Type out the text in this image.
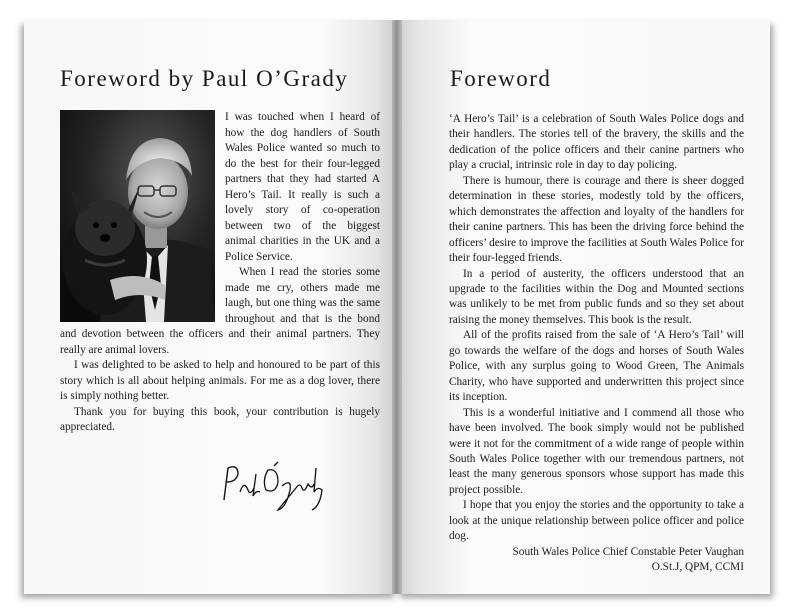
Foreword by Paul O’Grady

I was touched when I heard of how the dog handlers of South Wales Police wanted so much to do the best for their four-legged partners that they had started A Hero’s Tail. It really is such a lovely story of co-operation between two of the biggest animal charities in the UK and a Police Service.

When I read the stories some made me cry, others made me laugh, but one thing was the same throughout and that is the bond and devotion between the officers and their animal partners. They really are animal lovers.

I was delighted to be asked to help and honoured to be part of this story which is all about helping animals. For me as a dog lover, there is simply nothing better.

Thank you for buying this book, your contribution is hugely appreciated.

Foreword

‘A Hero’s Tail’ is a celebration of South Wales Police dogs and their handlers. The stories tell of the bravery, the skills and the dedication of the police officers and their canine partners who play a crucial, intrinsic role in day to day policing.

There is humour, there is courage and there is sheer dogged determination in these stories, modestly told by the officers, which demonstrates the affection and loyalty of the handlers for their canine partners. This has been the driving force behind the officers’ desire to improve the facilities at South Wales Police for their four-legged friends.

In a period of austerity, the officers understood that an upgrade to the facilities within the Dog and Mounted sections was unlikely to be met from public funds and so they set about raising the money themselves. This book is the result.

All of the profits raised from the sale of ‘A Hero’s Tail’ will go towards the welfare of the dogs and horses of South Wales Police, with any surplus going to Wood Green, The Animals Charity, who have supported and underwritten this project since its inception.

This is a wonderful initiative and I commend all those who have been involved. The book simply would not be published were it not for the commitment of a wide range of people within South Wales Police together with our tremendous partners, not least the many generous sponsors whose support has made this project possible.

I hope that you enjoy the stories and the opportunity to take a look at the unique relationship between police officer and police dog.

South Wales Police Chief Constable Peter Vaughan

O.St.J, QPM, CCMI
